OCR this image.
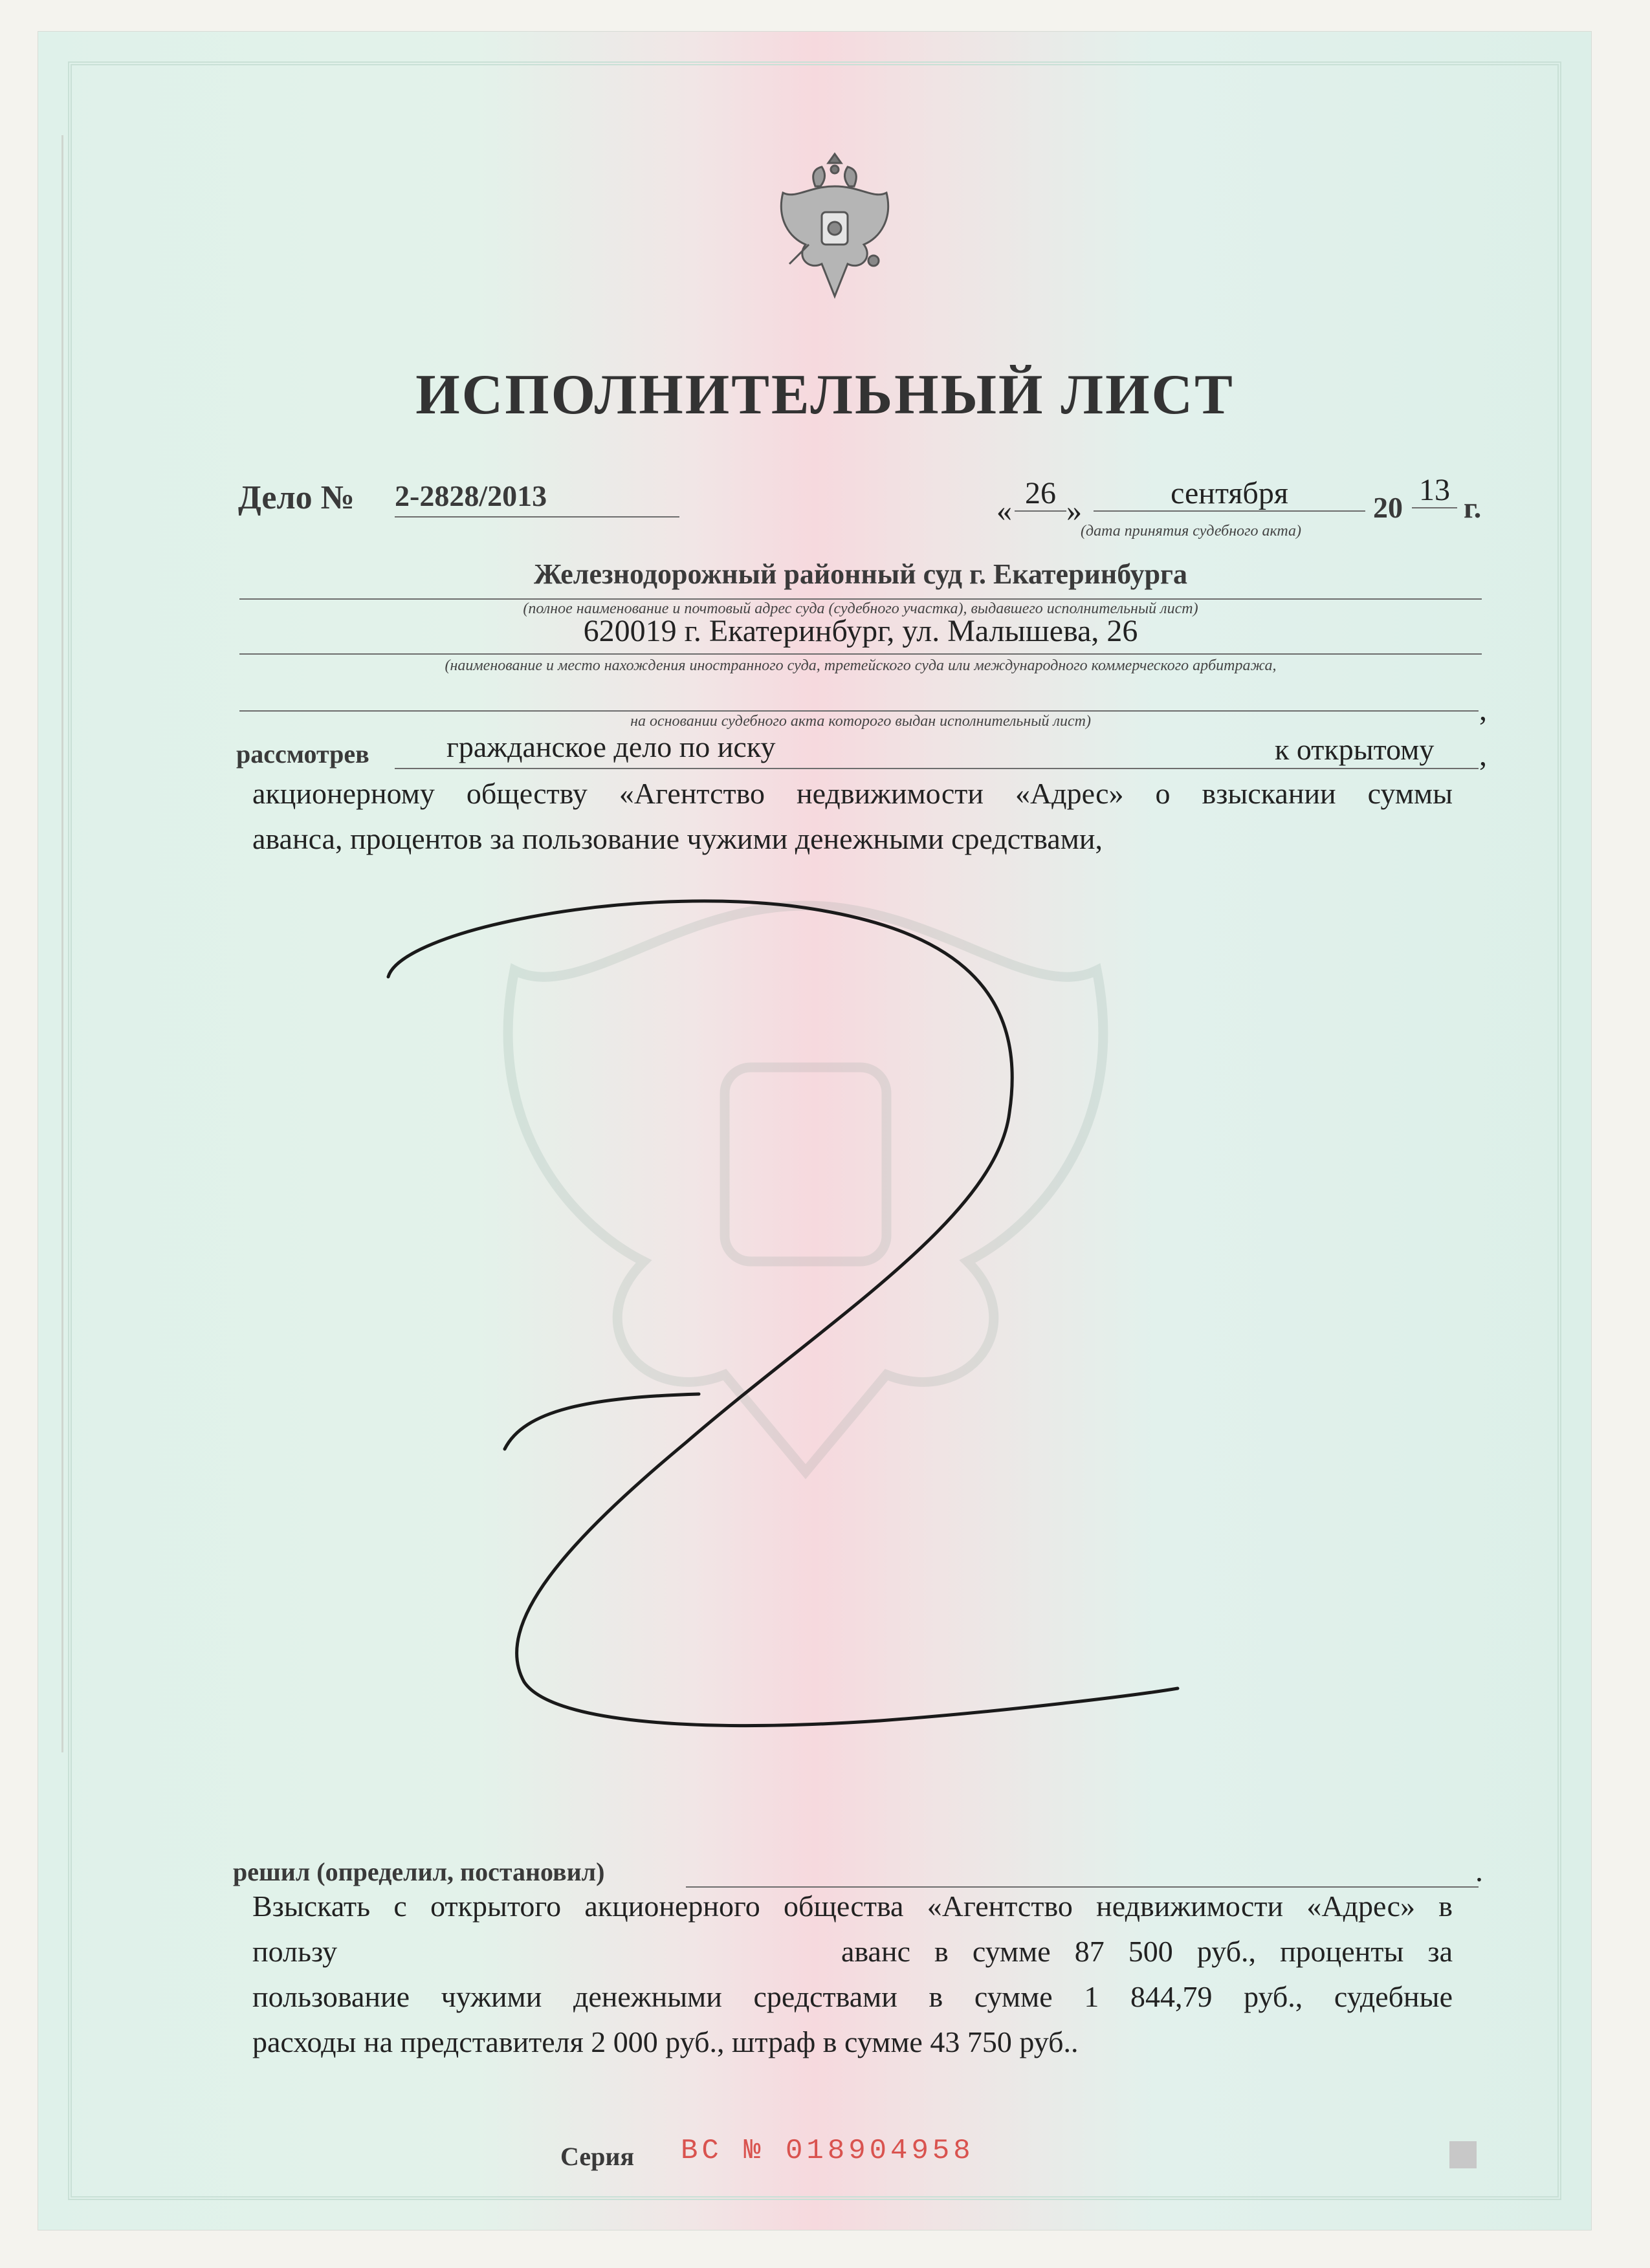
ИСПОЛНИТЕЛЬНЫЙ ЛИСТ
Дело № 2-2828/2013	«
26
»
сентября	20
13
г.
(дата принятия судебного акта)
Железнодорожный районный суд г. Екатеринбурга
(полное наименование и почтовый адрес суда (судебного участка), выдавшего исполнительный лист)
620019 г. Екатеринбург, ул. Малышева, 26
(наименование и место нахождения иностранного суда, третейского суда или международного коммерческого арбитража,
,
на основании судебного акта которого выдан исполнительный лист)
рассмотрев	гражданское дело по иску	к открытому ,
акционерному обществу «Агентство недвижимости «Адрес» о взыскании суммы
аванса, процентов за пользование чужими денежными средствами,
решил (определил, постановил)	.
Взыскать с открытого акционерного общества «Агентство недвижимости «Адрес» в
пользу	аванс в сумме 87 500 руб., проценты за
пользование чужими денежными средствами в сумме 1 844,79 руб., судебные
расходы на представителя 2 000 руб., штраф в сумме 43 750 руб..
Серия ВС № 018904958
